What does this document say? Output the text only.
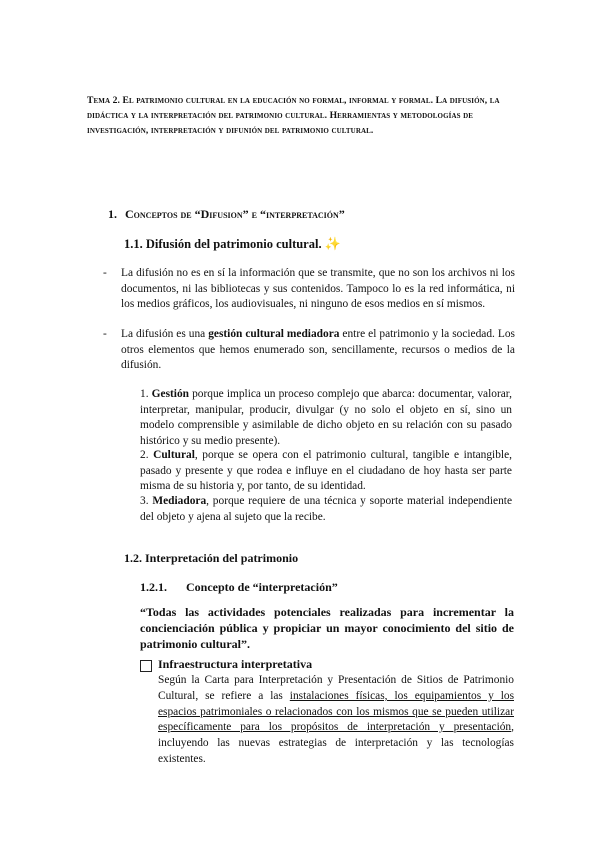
Tema 2. El patrimonio cultural en la educación no formal, informal y formal. La difusión, la didáctica y la interpretación del patrimonio cultural. Herramientas y metodologías de investigación, interpretación y difunión del patrimonio cultural.
1. Conceptos de “Difusion” e “interpretación”
1.1. Difusión del patrimonio cultural. ✨
- La difusión no es en sí la información que se transmite, que no son los archivos ni los documentos, ni las bibliotecas y sus contenidos. Tampoco lo es la red informática, ni los medios gráficos, los audiovisuales, ni ninguno de esos medios en sí mismos.
- La difusión es una gestión cultural mediadora entre el patrimonio y la sociedad. Los otros elementos que hemos enumerado son, sencillamente, recursos o medios de la difusión.
1. Gestión porque implica un proceso complejo que abarca: documentar, valorar, interpretar, manipular, producir, divulgar (y no solo el objeto en sí, sino un modelo comprensible y asimilable de dicho objeto en su relación con su pasado histórico y su medio presente).
2. Cultural, porque se opera con el patrimonio cultural, tangible e intangible, pasado y presente y que rodea e influye en el ciudadano de hoy hasta ser parte misma de su historia y, por tanto, de su identidad.
3. Mediadora, porque requiere de una técnica y soporte material independiente del objeto y ajena al sujeto que la recibe.
1.2. Interpretación del patrimonio
1.2.1. Concepto de “interpretación”
“Todas las actividades potenciales realizadas para incrementar la concienciación pública y propiciar un mayor conocimiento del sitio de patrimonio cultural”.
Infraestructura interpretativa
Según la Carta para Interpretación y Presentación de Sitios de Patrimonio Cultural, se refiere a las instalaciones físicas, los equipamientos y los espacios patrimoniales o relacionados con los mismos que se pueden utilizar específicamente para los propósitos de interpretación y presentación, incluyendo las nuevas estrategias de interpretación y las tecnologías existentes.
